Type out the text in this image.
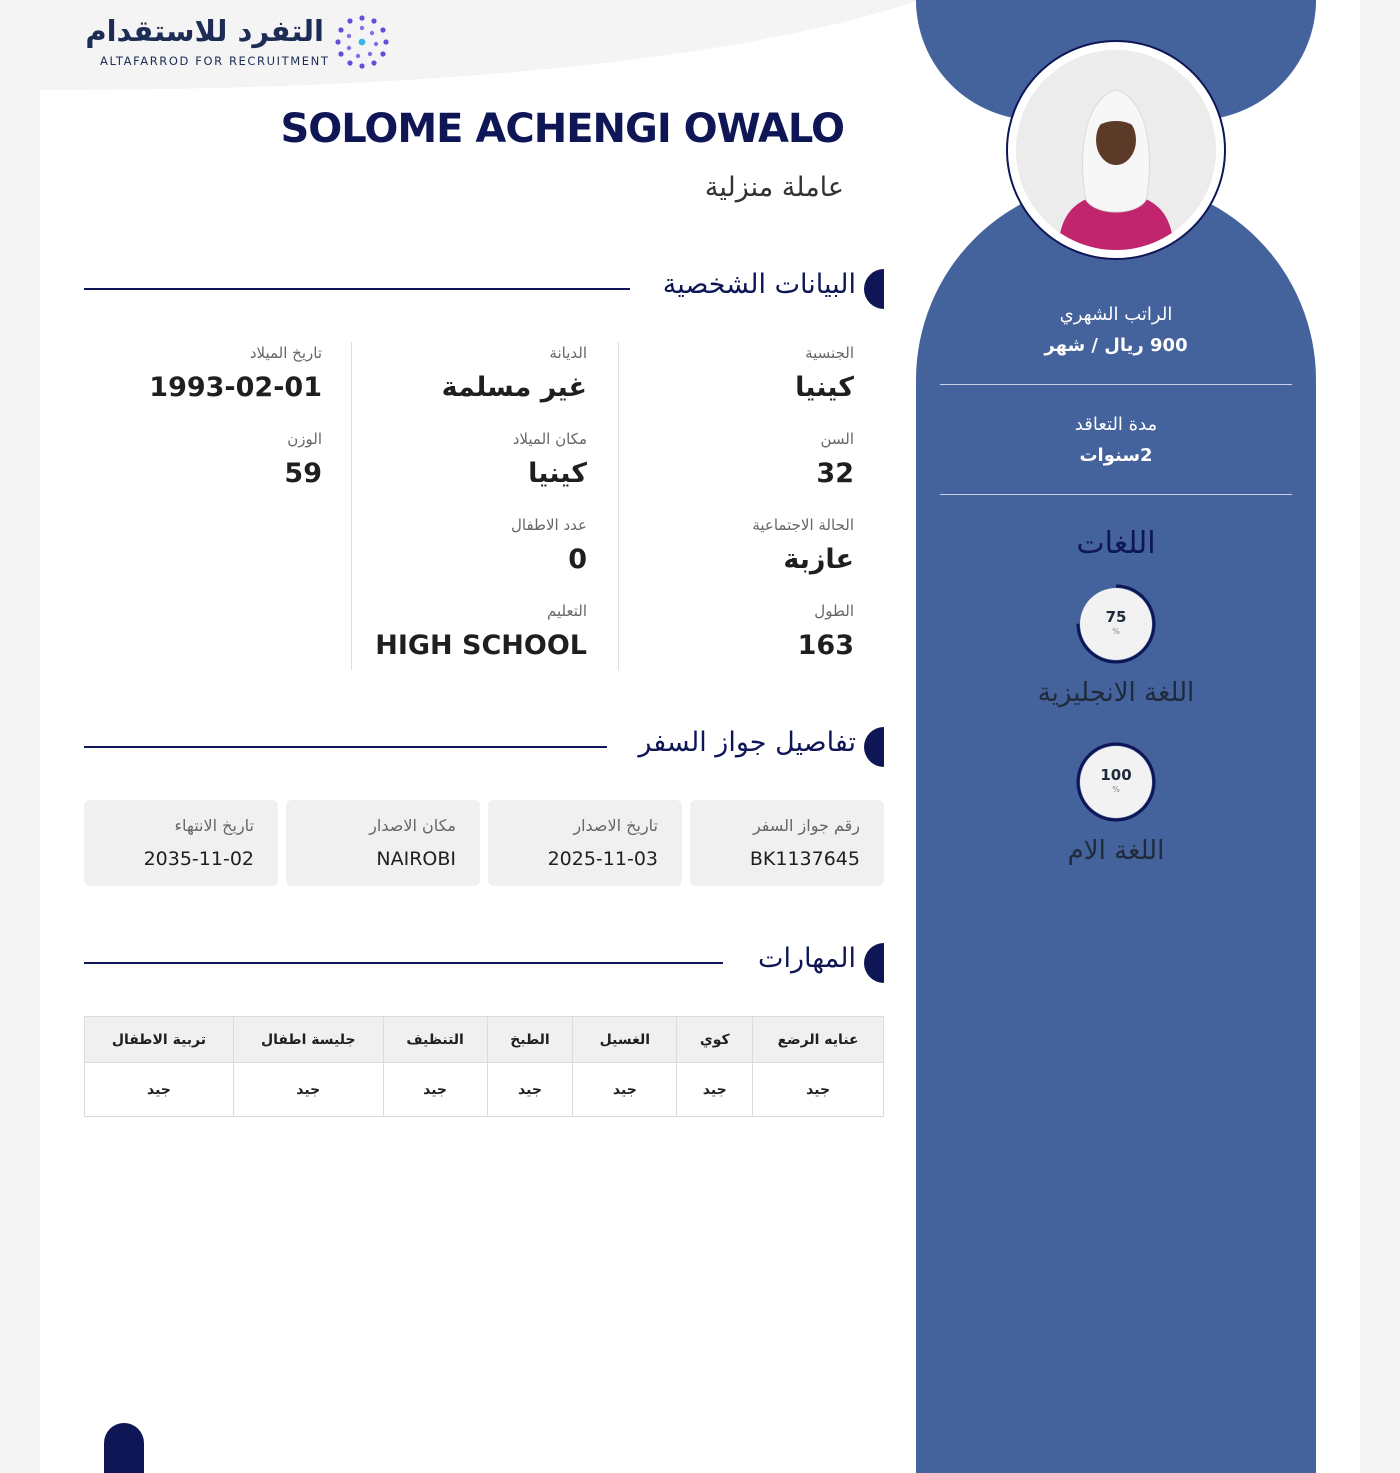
التفرد للاستقدام
ALTAFARROD FOR RECRUITMENT
SOLOME ACHENGI OWALO
عاملة منزلية
البيانات الشخصية
الجنسية
كينيا
السن
32
الحالة الاجتماعية
عازبة
الطول
163
الديانة
غير مسلمة
مكان الميلاد
كينيا
عدد الاطفال
0
التعليم
HIGH SCHOOL
تاريخ الميلاد
1993-02-01
الوزن
59
تفاصيل جواز السفر
رقم جواز السفر
BK1137645
تاريخ الاصدار
2025-11-03
مكان الاصدار
NAIROBI
تاريخ الانتهاء
2035-11-02
المهارات
عنايه الرضع	كوي	الغسيل	الطبخ	التنظيف	جليسة اطفال	تربية الاطفال
جيد	جيد	جيد	جيد	جيد	جيد	جيد
الراتب الشهري
900 ريال / شهر
مدة التعاقد
2سنوات
اللغات
75
%
اللغة الانجليزية
100
%
اللغة الام
